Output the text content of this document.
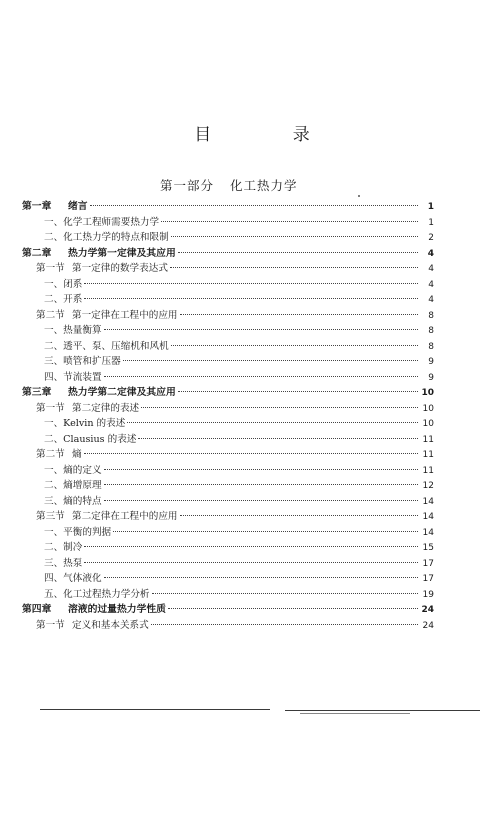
目 录
第一部分 化工热力学
第一章	绪言	1
一、化学工程师需要热力学	1
二、化工热力学的特点和限制	2
第二章	热力学第一定律及其应用	4
第一节 第一定律的数学表达式	4
一、闭系	4
二、开系	4
第二节 第一定律在工程中的应用	8
一、热量衡算	8
二、透平、泵、压缩机和风机	8
三、喷管和扩压器	9
四、节流装置	9
第三章	热力学第二定律及其应用	10
第一节 第二定律的表述	10
一、Kelvin 的表述	10
二、Clausius 的表述	11
第二节 熵	11
一、熵的定义	11
二、熵增原理	12
三、熵的特点	14
第三节 第二定律在工程中的应用	14
一、平衡的判据	14
二、制冷	15
三、热泵	17
四、气体液化	17
五、化工过程热力学分析	19
第四章	溶液的过量热力学性质	24
第一节 定义和基本关系式	24
